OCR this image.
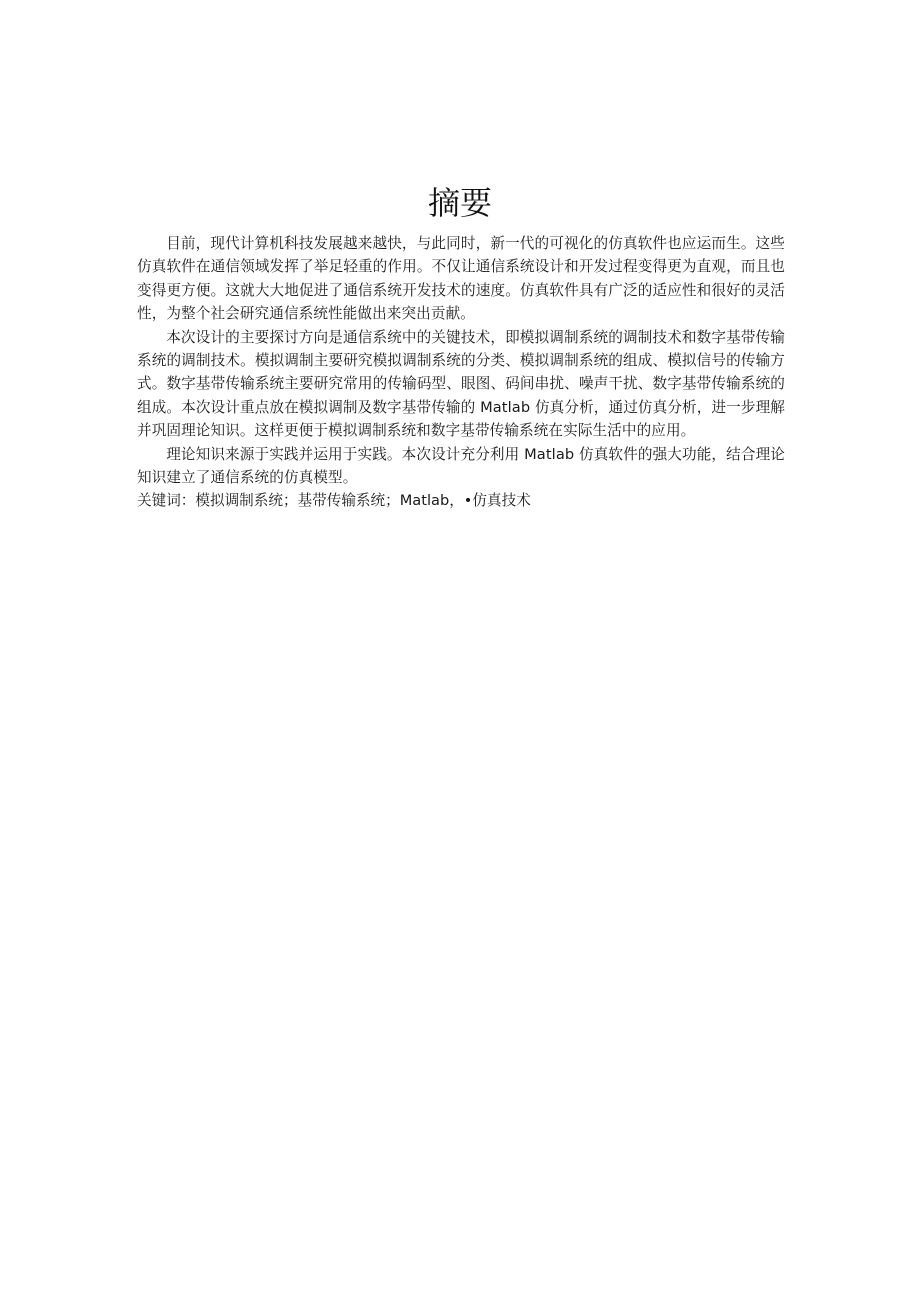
摘要

目前，现代计算机科技发展越来越快，与此同时，新一代的可视化的仿真软件也应运而生。这些仿真软件在通信领域发挥了举足轻重的作用。不仅让通信系统设计和开发过程变得更为直观，而且也变得更方便。这就大大地促进了通信系统开发技术的速度。仿真软件具有广泛的适应性和很好的灵活性，为整个社会研究通信系统性能做出来突出贡献。

本次设计的主要探讨方向是通信系统中的关键技术，即模拟调制系统的调制技术和数字基带传输系统的调制技术。模拟调制主要研究模拟调制系统的分类、模拟调制系统的组成、模拟信号的传输方式。数字基带传输系统主要研究常用的传输码型、眼图、码间串扰、噪声干扰、数字基带传输系统的组成。本次设计重点放在模拟调制及数字基带传输的 Matlab 仿真分析，通过仿真分析，进一步理解并巩固理论知识。这样更便于模拟调制系统和数字基带传输系统在实际生活中的应用。

理论知识来源于实践并运用于实践。本次设计充分利用 Matlab 仿真软件的强大功能，结合理论知识建立了通信系统的仿真模型。

关键词：模拟调制系统；基带传输系统；Matlab，•仿真技术
